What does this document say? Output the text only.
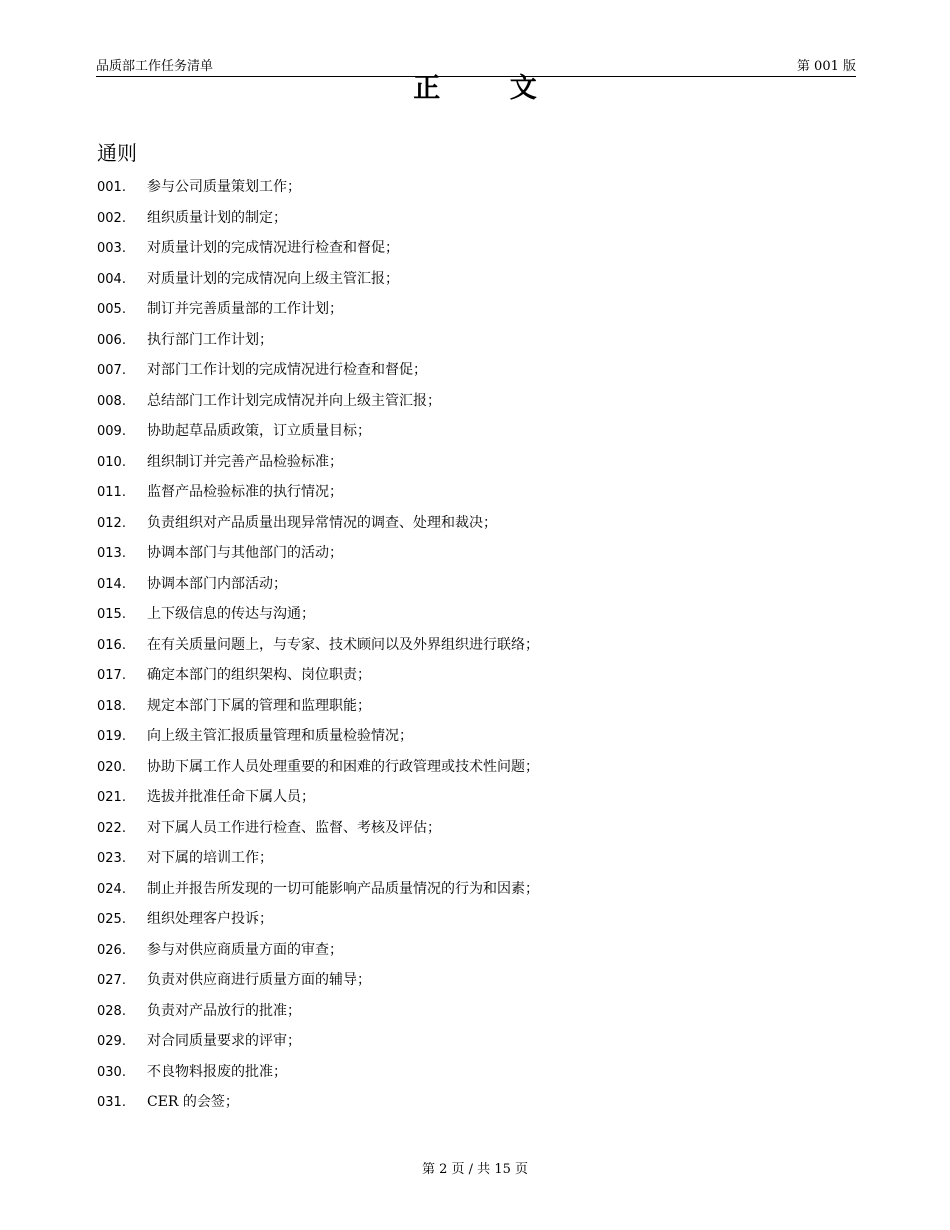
品质部工作任务清单	第 001 版
正 文
通则
001. 参与公司质量策划工作；
002. 组织质量计划的制定；
003. 对质量计划的完成情况进行检查和督促；
004. 对质量计划的完成情况向上级主管汇报；
005. 制订并完善质量部的工作计划；
006. 执行部门工作计划；
007. 对部门工作计划的完成情况进行检查和督促；
008. 总结部门工作计划完成情况并向上级主管汇报；
009. 协助起草品质政策，订立质量目标；
010. 组织制订并完善产品检验标准；
011. 监督产品检验标准的执行情况；
012. 负责组织对产品质量出现异常情况的调查、处理和裁决；
013. 协调本部门与其他部门的活动；
014. 协调本部门内部活动；
015. 上下级信息的传达与沟通；
016. 在有关质量问题上，与专家、技术顾问以及外界组织进行联络；
017. 确定本部门的组织架构、岗位职责；
018. 规定本部门下属的管理和监理职能；
019. 向上级主管汇报质量管理和质量检验情况；
020. 协助下属工作人员处理重要的和困难的行政管理或技术性问题；
021. 选拔并批准任命下属人员；
022. 对下属人员工作进行检查、监督、考核及评估；
023. 对下属的培训工作；
024. 制止并报告所发现的一切可能影响产品质量情况的行为和因素；
025. 组织处理客户投诉；
026. 参与对供应商质量方面的审查；
027. 负责对供应商进行质量方面的辅导；
028. 负责对产品放行的批准；
029. 对合同质量要求的评审；
030. 不良物料报废的批准；
031. CER 的会签；
第 2 页 / 共 15 页
